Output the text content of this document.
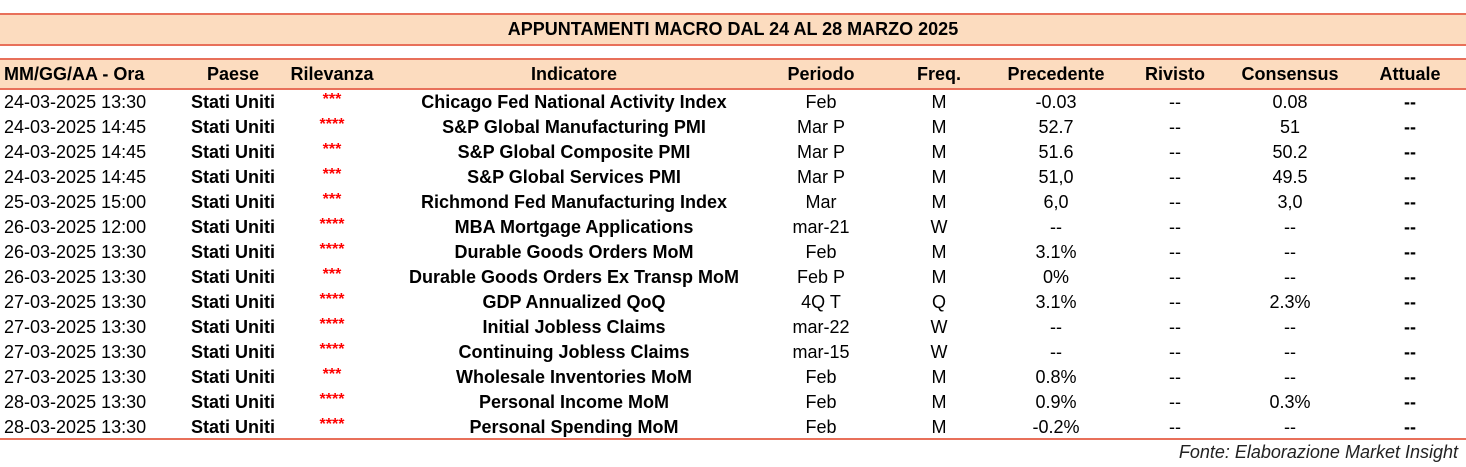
APPUNTAMENTI MACRO DAL 24 AL 28 MARZO 2025
MM/GG/AA - Ora	Paese	Rilevanza	Indicatore	Periodo	Freq.	Precedente	Rivisto	Consensus	Attuale
24-03-2025 13:30	Stati Uniti	***	Chicago Fed National Activity Index	Feb	M	-0.03	--	0.08	--
24-03-2025 14:45	Stati Uniti	****	S&P Global Manufacturing PMI	Mar P	M	52.7	--	51	--
24-03-2025 14:45	Stati Uniti	***	S&P Global Composite PMI	Mar P	M	51.6	--	50.2	--
24-03-2025 14:45	Stati Uniti	***	S&P Global Services PMI	Mar P	M	51,0	--	49.5	--
25-03-2025 15:00	Stati Uniti	***	Richmond Fed Manufacturing Index	Mar	M	6,0	--	3,0	--
26-03-2025 12:00	Stati Uniti	****	MBA Mortgage Applications	mar-21	W	--	--	--	--
26-03-2025 13:30	Stati Uniti	****	Durable Goods Orders MoM	Feb	M	3.1%	--	--	--
26-03-2025 13:30	Stati Uniti	***	Durable Goods Orders Ex Transp MoM	Feb P	M	0%	--	--	--
27-03-2025 13:30	Stati Uniti	****	GDP Annualized QoQ	4Q T	Q	3.1%	--	2.3%	--
27-03-2025 13:30	Stati Uniti	****	Initial Jobless Claims	mar-22	W	--	--	--	--
27-03-2025 13:30	Stati Uniti	****	Continuing Jobless Claims	mar-15	W	--	--	--	--
27-03-2025 13:30	Stati Uniti	***	Wholesale Inventories MoM	Feb	M	0.8%	--	--	--
28-03-2025 13:30	Stati Uniti	****	Personal Income MoM	Feb	M	0.9%	--	0.3%	--
28-03-2025 13:30	Stati Uniti	****	Personal Spending MoM	Feb	M	-0.2%	--	--	--
Fonte: Elaborazione Market Insight
